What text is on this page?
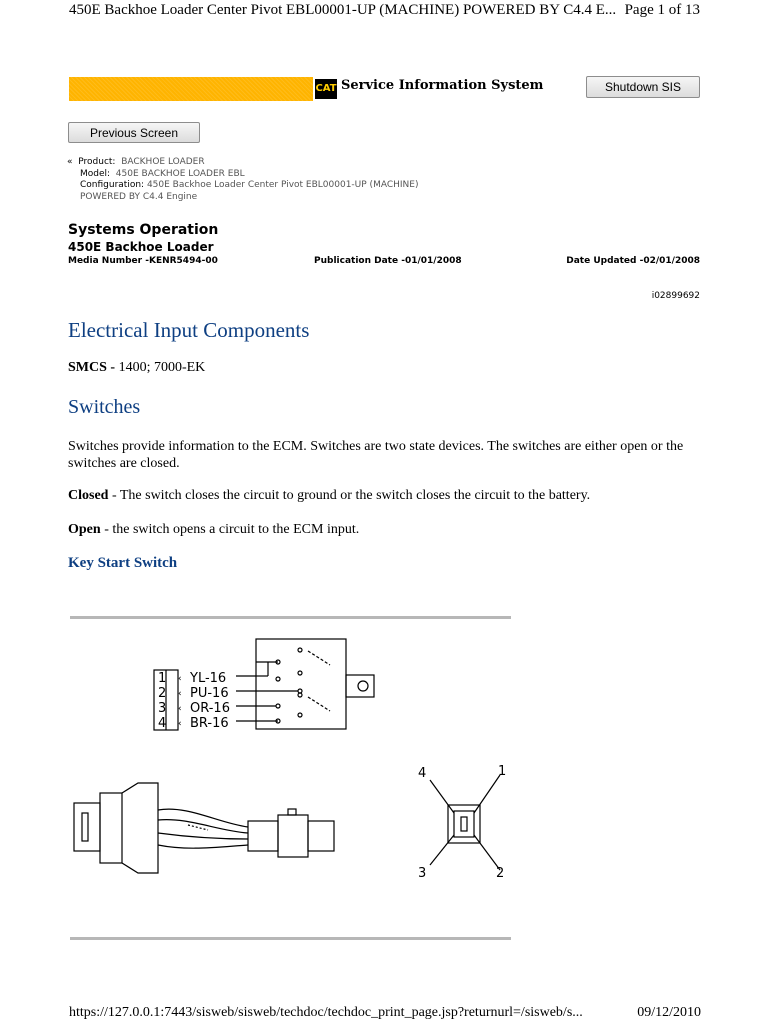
450E Backhoe Loader Center Pivot EBL00001-UP (MACHINE) POWERED BY C4.4 E... Page 1 of 13
CAT Service Information System	Shutdown SIS
Previous Screen
« Product: BACKHOE LOADER
Model: 450E BACKHOE LOADER EBL
Configuration: 450E Backhoe Loader Center Pivot EBL00001-UP (MACHINE)
POWERED BY C4.4 Engine
Systems Operation
450E Backhoe Loader
Media Number -KENR5494-00	Publication Date -01/01/2008	Date Updated -02/01/2008
i02899692
Electrical Input Components
SMCS - 1400; 7000-EK
Switches
Switches provide information to the ECM. Switches are two state devices. The switches are either open or the switches are closed.
Closed - The switch closes the circuit to ground or the switch closes the circuit to the battery.
Open - the switch opens a circuit to the ECM input.
Key Start Switch
1
2
3
4
YL-16
PU-16
OR-16
BR-16
‹
‹
‹
‹
4	1
3	2
https://127.0.0.1:7443/sisweb/sisweb/techdoc/techdoc_print_page.jsp?returnurl=/sisweb/s...	09/12/2010
